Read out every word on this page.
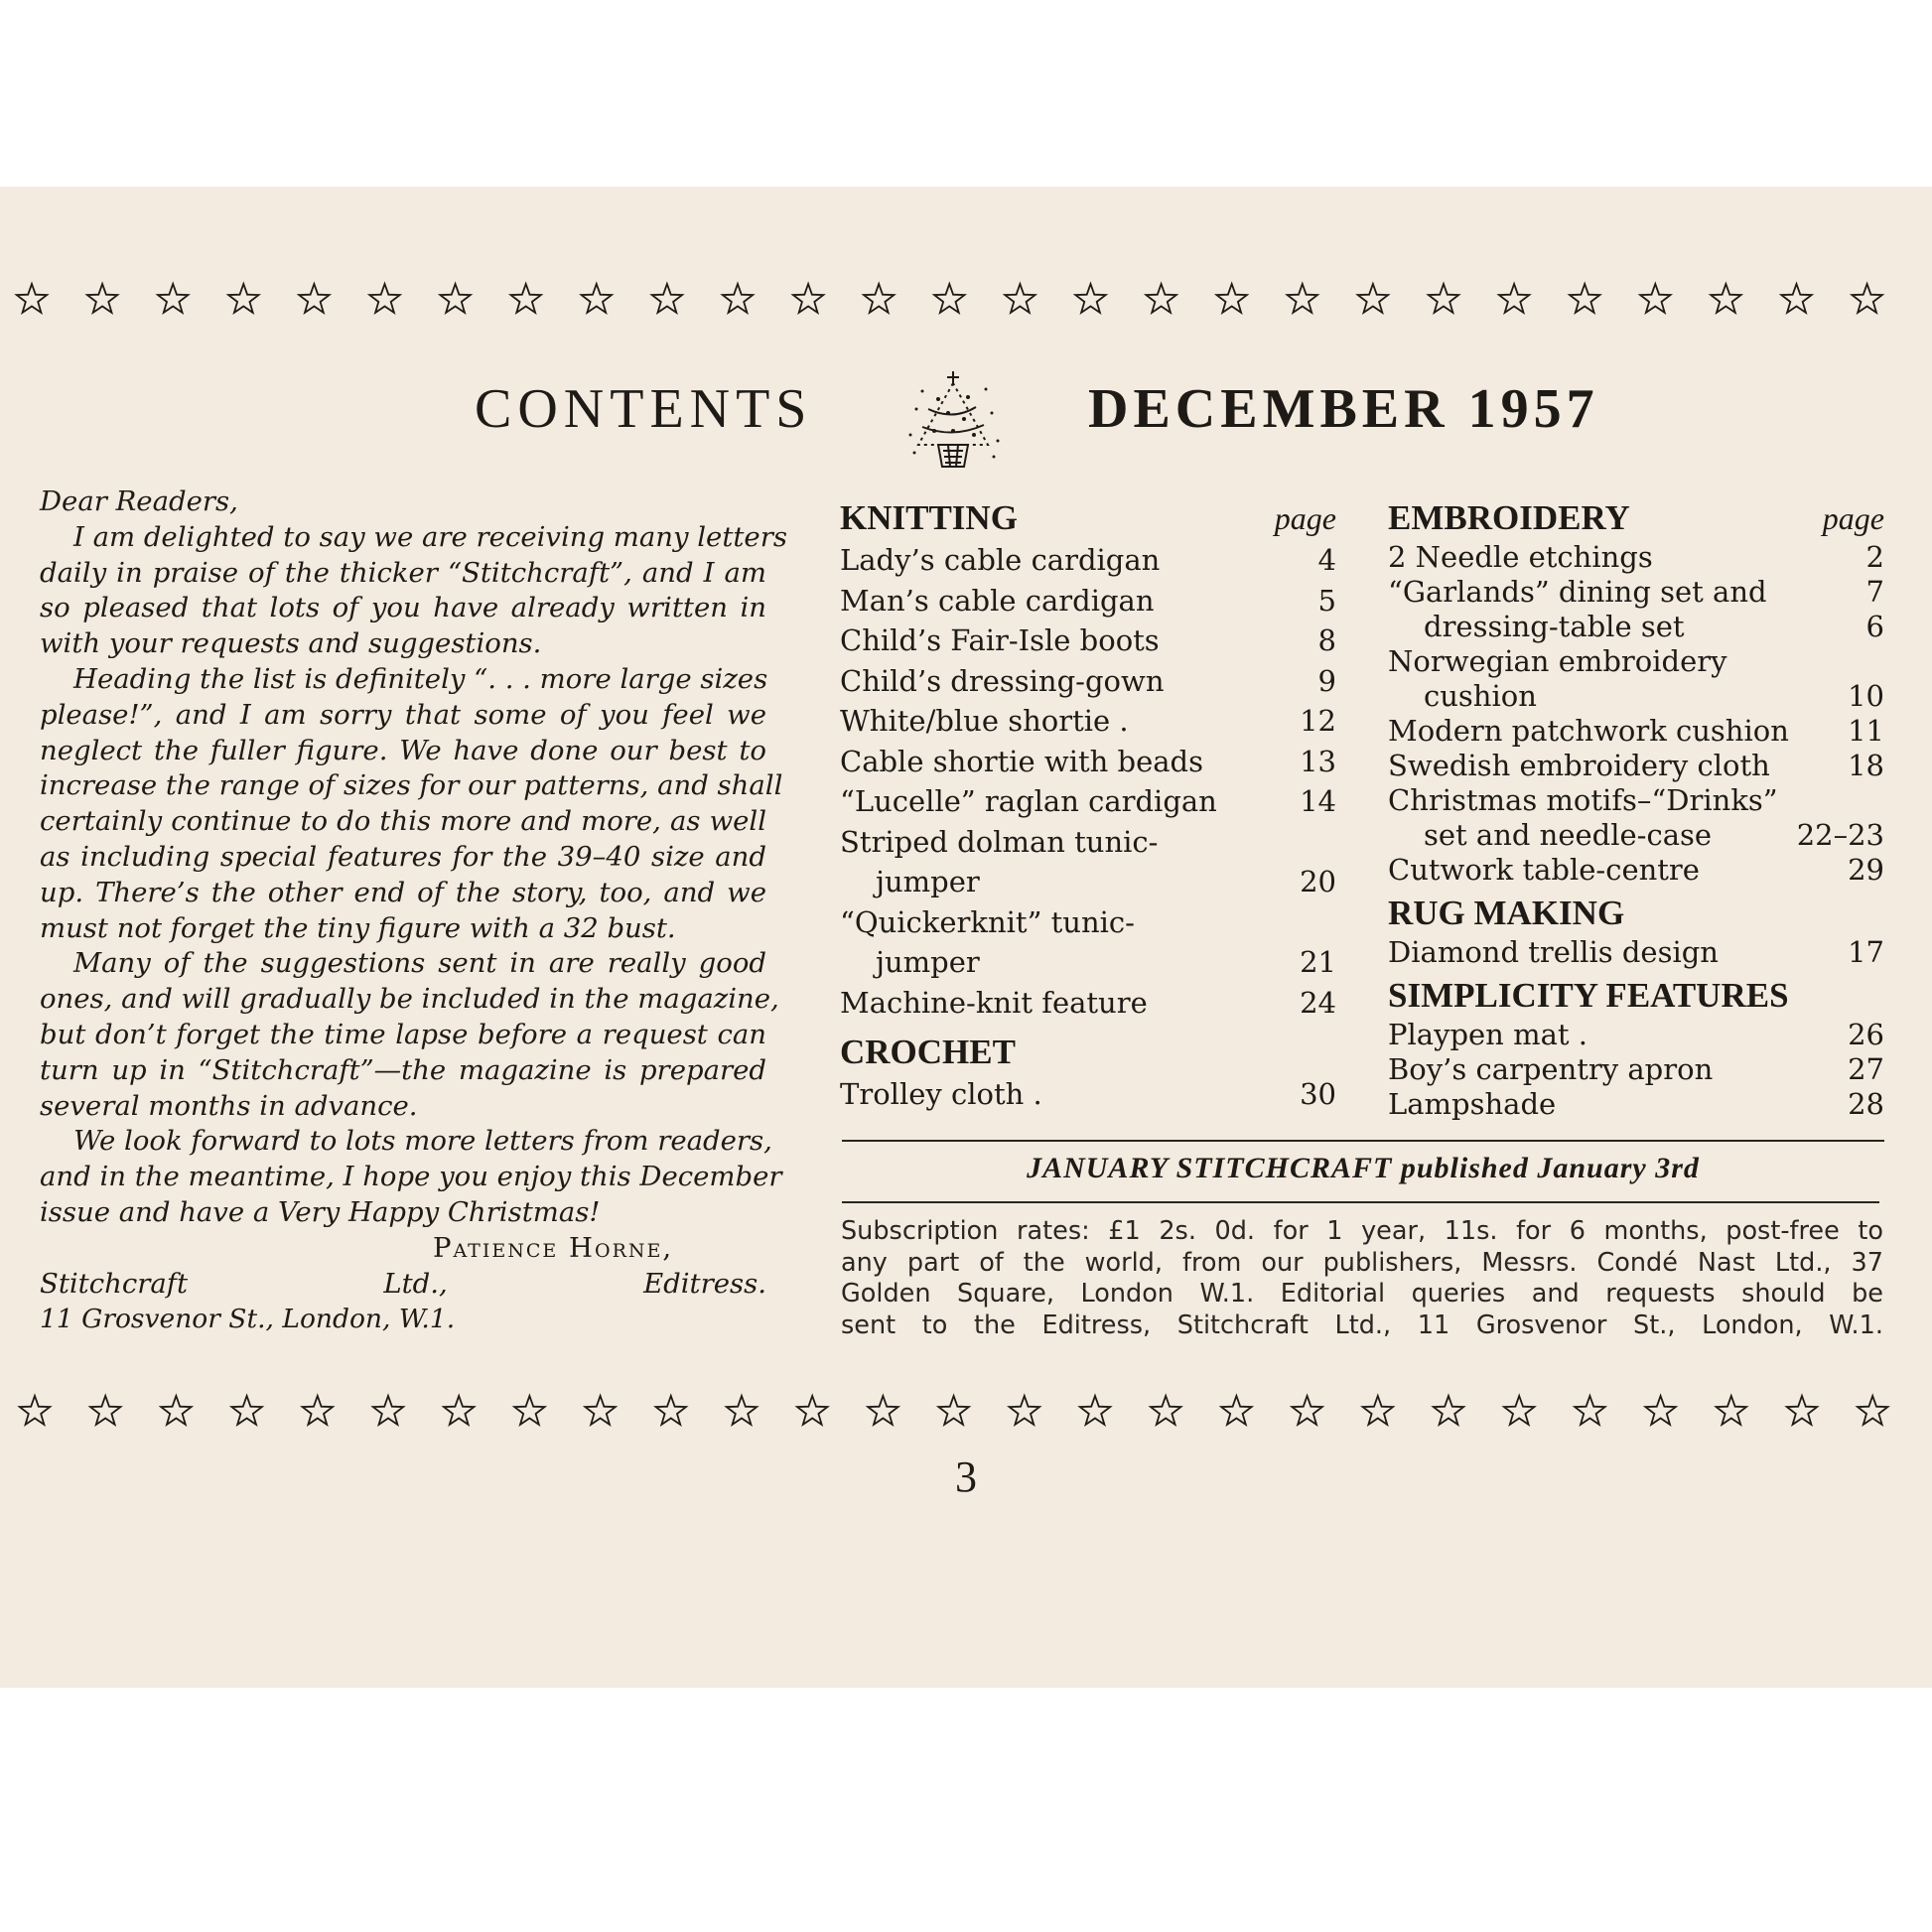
CONTENTS	DECEMBER 1957
Dear Readers,
I am delighted to say we are receiving many letters
daily in praise of the thicker “Stitchcraft”, and I am
so pleased that lots of you have already written in
with your requests and suggestions.
Heading the list is definitely “. . . more large sizes
please!”, and I am sorry that some of you feel we
neglect the fuller figure. We have done our best to
increase the range of sizes for our patterns, and shall
certainly continue to do this more and more, as well
as including special features for the 39–40 size and
up. There’s the other end of the story, too, and we
must not forget the tiny figure with a 32 bust.
Many of the suggestions sent in are really good
ones, and will gradually be included in the magazine,
but don’t forget the time lapse before a request can
turn up in “Stitchcraft”—the magazine is prepared
several months in advance.
We look forward to lots more letters from readers,
and in the meantime, I hope you enjoy this December
issue and have a Very Happy Christmas!
Patience Horne,
Stitchcraft Ltd.,	Editress.
11 Grosvenor St., London, W.1.
KNITTING	page
Lady’s cable cardigan	4
Man’s cable cardigan	5
Child’s Fair-Isle boots	8
Child’s dressing-gown	9
White/blue shortie .	12
Cable shortie with beads	13
“Lucelle” raglan cardigan	14
Striped dolman tunic-
jumper	20
“Quickerknit” tunic-
jumper	21
Machine-knit feature	24
CROCHET
Trolley cloth .	30
EMBROIDERY	page
2 Needle etchings	2
“Garlands” dining set and	7
dressing-table set	6
Norwegian embroidery
cushion	10
Modern patchwork cushion 11
Swedish embroidery cloth	18
Christmas motifs–“Drinks”
set and needle-case	22–23
Cutwork table-centre	29
RUG MAKING
Diamond trellis design	17
SIMPLICITY FEATURES
Playpen mat .	26
Boy’s carpentry apron	27
Lampshade	28
JANUARY STITCHCRAFT published January 3rd
Subscription rates: £1 2s. 0d. for 1 year, 11s. for 6 months, post-free to
any part of the world, from our publishers, Messrs. Condé Nast Ltd., 37
Golden Square, London W.1. Editorial queries and requests should be
sent to the Editress, Stitchcraft Ltd., 11 Grosvenor St., London, W.1.
3
